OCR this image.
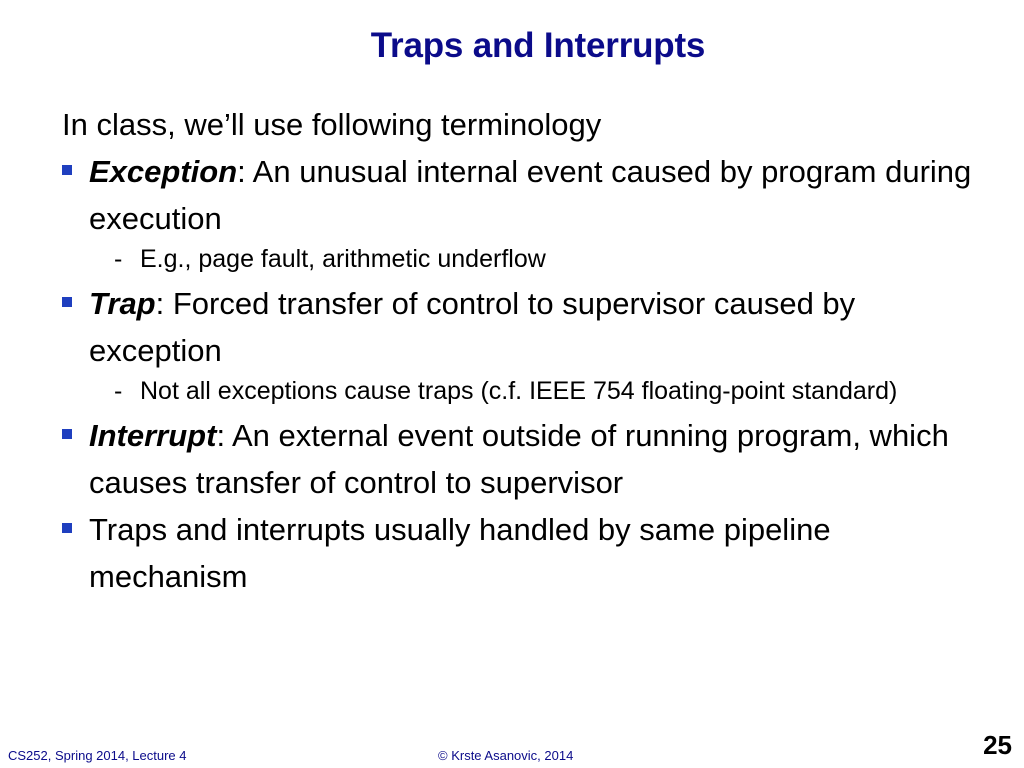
Traps and Interrupts

In class, we’ll use following terminology

Exception: An unusual internal event caused by program during execution
- E.g., page fault, arithmetic underflow
Trap: Forced transfer of control to supervisor caused by exception
- Not all exceptions cause traps (c.f. IEEE 754 floating-point standard)
Interrupt: An external event outside of running program, which causes transfer of control to supervisor
Traps and interrupts usually handled by same pipeline mechanism
CS252, Spring 2014, Lecture 4	© Krste Asanovic, 2014	25
